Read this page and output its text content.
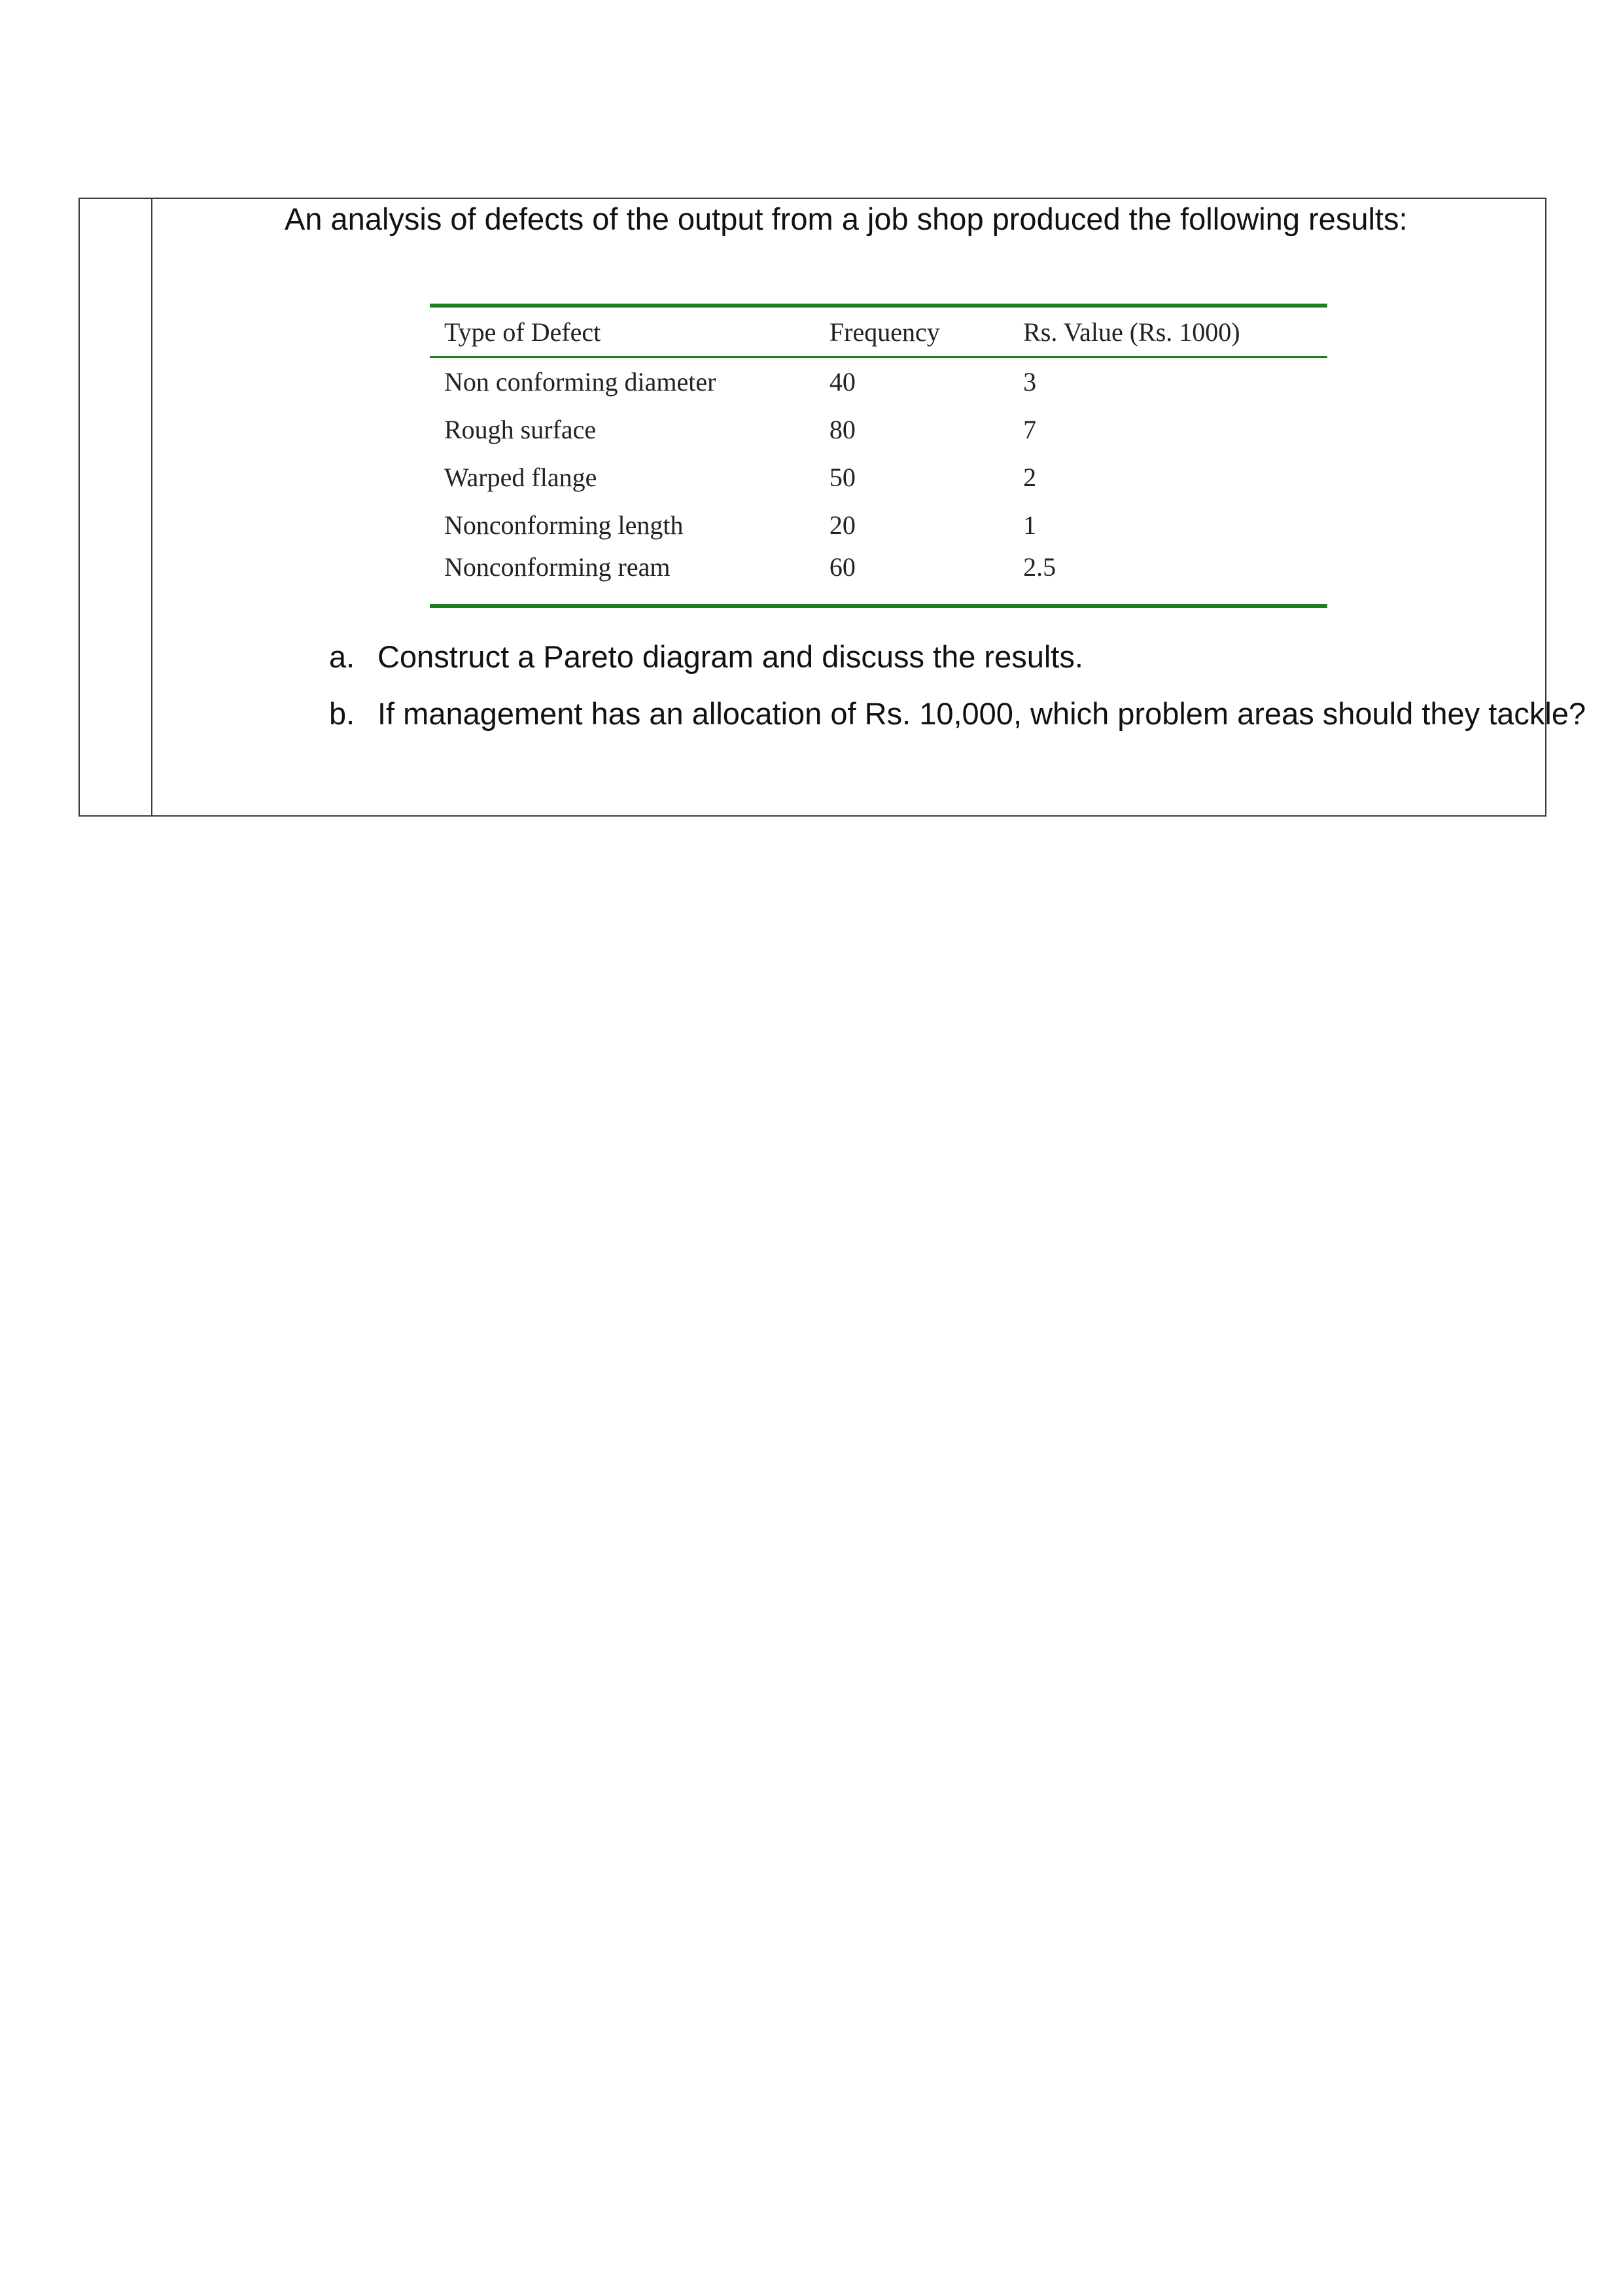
An analysis of defects of the output from a job shop produced the following results:

Type of Defect	Frequency	Rs. Value (Rs. 1000)
Non conforming diameter	40	3
Rough surface	80	7
Warped flange	50	2
Nonconforming length	20	1
Nonconforming ream	60	2.5
a. Construct a Pareto diagram and discuss the results.
b. If management has an allocation of Rs. 10,000, which problem areas should they tackle?
